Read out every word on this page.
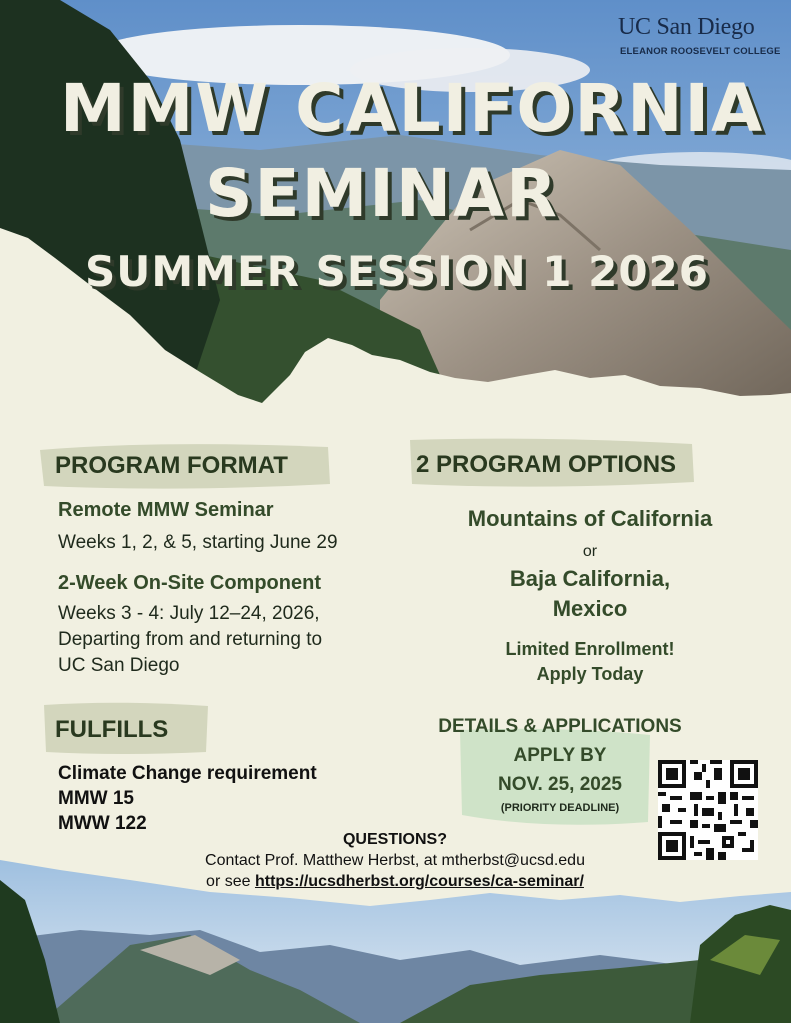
UC San Diego
ELEANOR ROOSEVELT COLLEGE
MMW CALIFORNIA
SEMINAR
SUMMER SESSION 1 2026
PROGRAM FORMAT
Remote MMW Seminar
Weeks 1, 2, & 5, starting June 29
2-Week On-Site Component
Weeks 3 - 4: July 12–24, 2026,
Departing from and returning to
UC San Diego
2 PROGRAM OPTIONS
Mountains of California
or
Baja California,
Mexico
Limited Enrollment!
Apply Today
FULFILLS
Climate Change requirement
MMW 15
MWW 122
DETAILS & APPLICATIONS
APPLY BY
NOV. 25, 2025
(PRIORITY DEADLINE)
QUESTIONS?
Contact Prof. Matthew Herbst, at mtherbst@ucsd.edu
or see https://ucsdherbst.org/courses/ca-seminar/
